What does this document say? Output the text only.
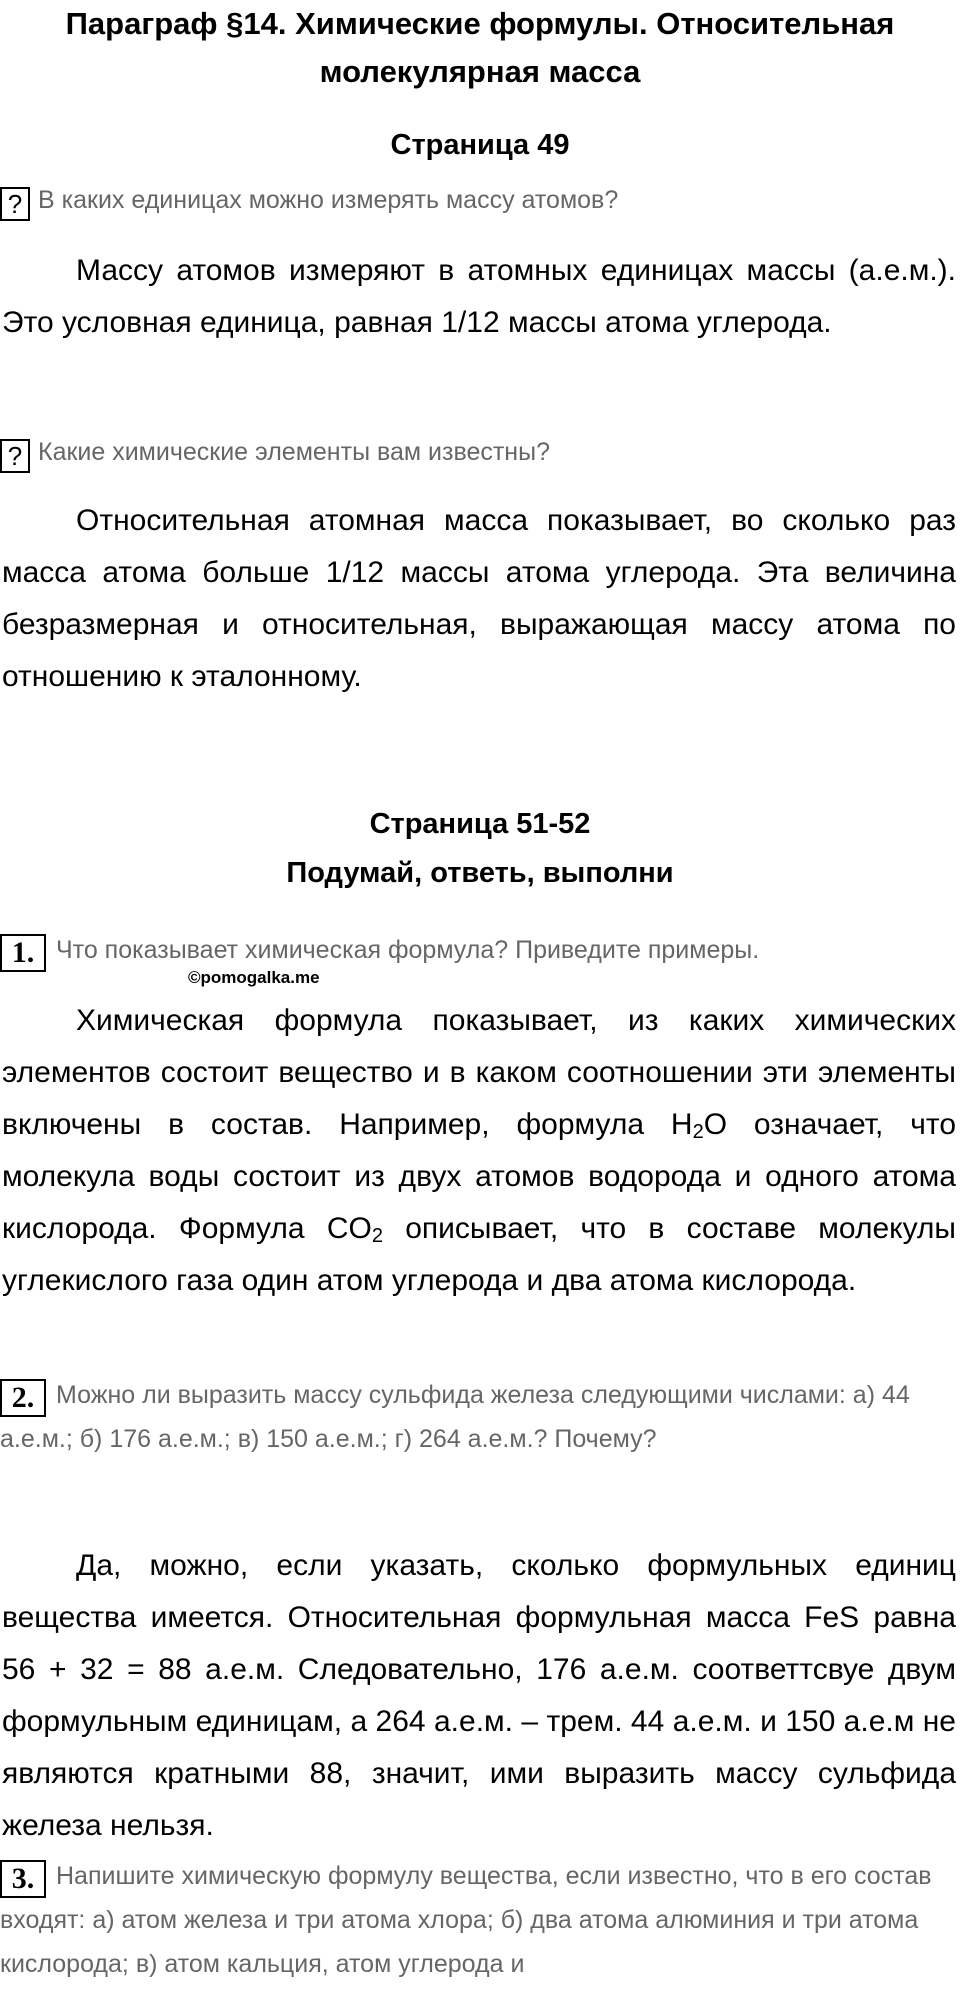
Параграф §14. Химические формулы. Относительная
молекулярная масса
Страница 49
? В каких единицах можно измерять массу атомов?
Массу атомов измеряют в атомных единицах массы (а.е.м.). Это условная единица, равная 1/12 массы атома углерода.
? Какие химические элементы вам известны?
Относительная атомная масса показывает, во сколько раз масса атома больше 1/12 массы атома углерода. Эта величина безразмерная и относительная, выражающая массу атома по отношению к эталонному.
Страница 51-52
Подумай, ответь, выполни
1. Что показывает химическая формула? Приведите примеры.
©pomogalka.me
Химическая формула показывает, из каких химических элементов состоит вещество и в каком соотношении эти элементы включены в состав. Например, формула $H_2O$ означает, что молекула воды состоит из двух атомов водорода и одного атома кислорода. Формула $CO_2$ описывает, что в составе молекулы углекислого газа один атом углерода и два атома кислорода.
2. Можно ли выразить массу сульфида железа следующими числами: а) 44 а.е.м.; б) 176 а.е.м.; в) 150 а.е.м.; г) 264 а.е.м.? Почему?
Да, можно, если указать, сколько формульных единиц вещества имеется. Относительная формульная масса FeS равна 56 + 32 = 88 а.е.м. Следовательно, 176 а.е.м. соответтсвуе двум формульным единицам, а 264 а.е.м. – трем. 44 а.е.м. и 150 а.е.м не являются кратными 88, значит, ими выразить массу сульфида железа нельзя.
3. Напишите химическую формулу вещества, если известно, что в его состав входят: а) атом железа и три атома хлора; б) два атома алюминия и три атома кислорода; в) атом кальция, атом углерода и
